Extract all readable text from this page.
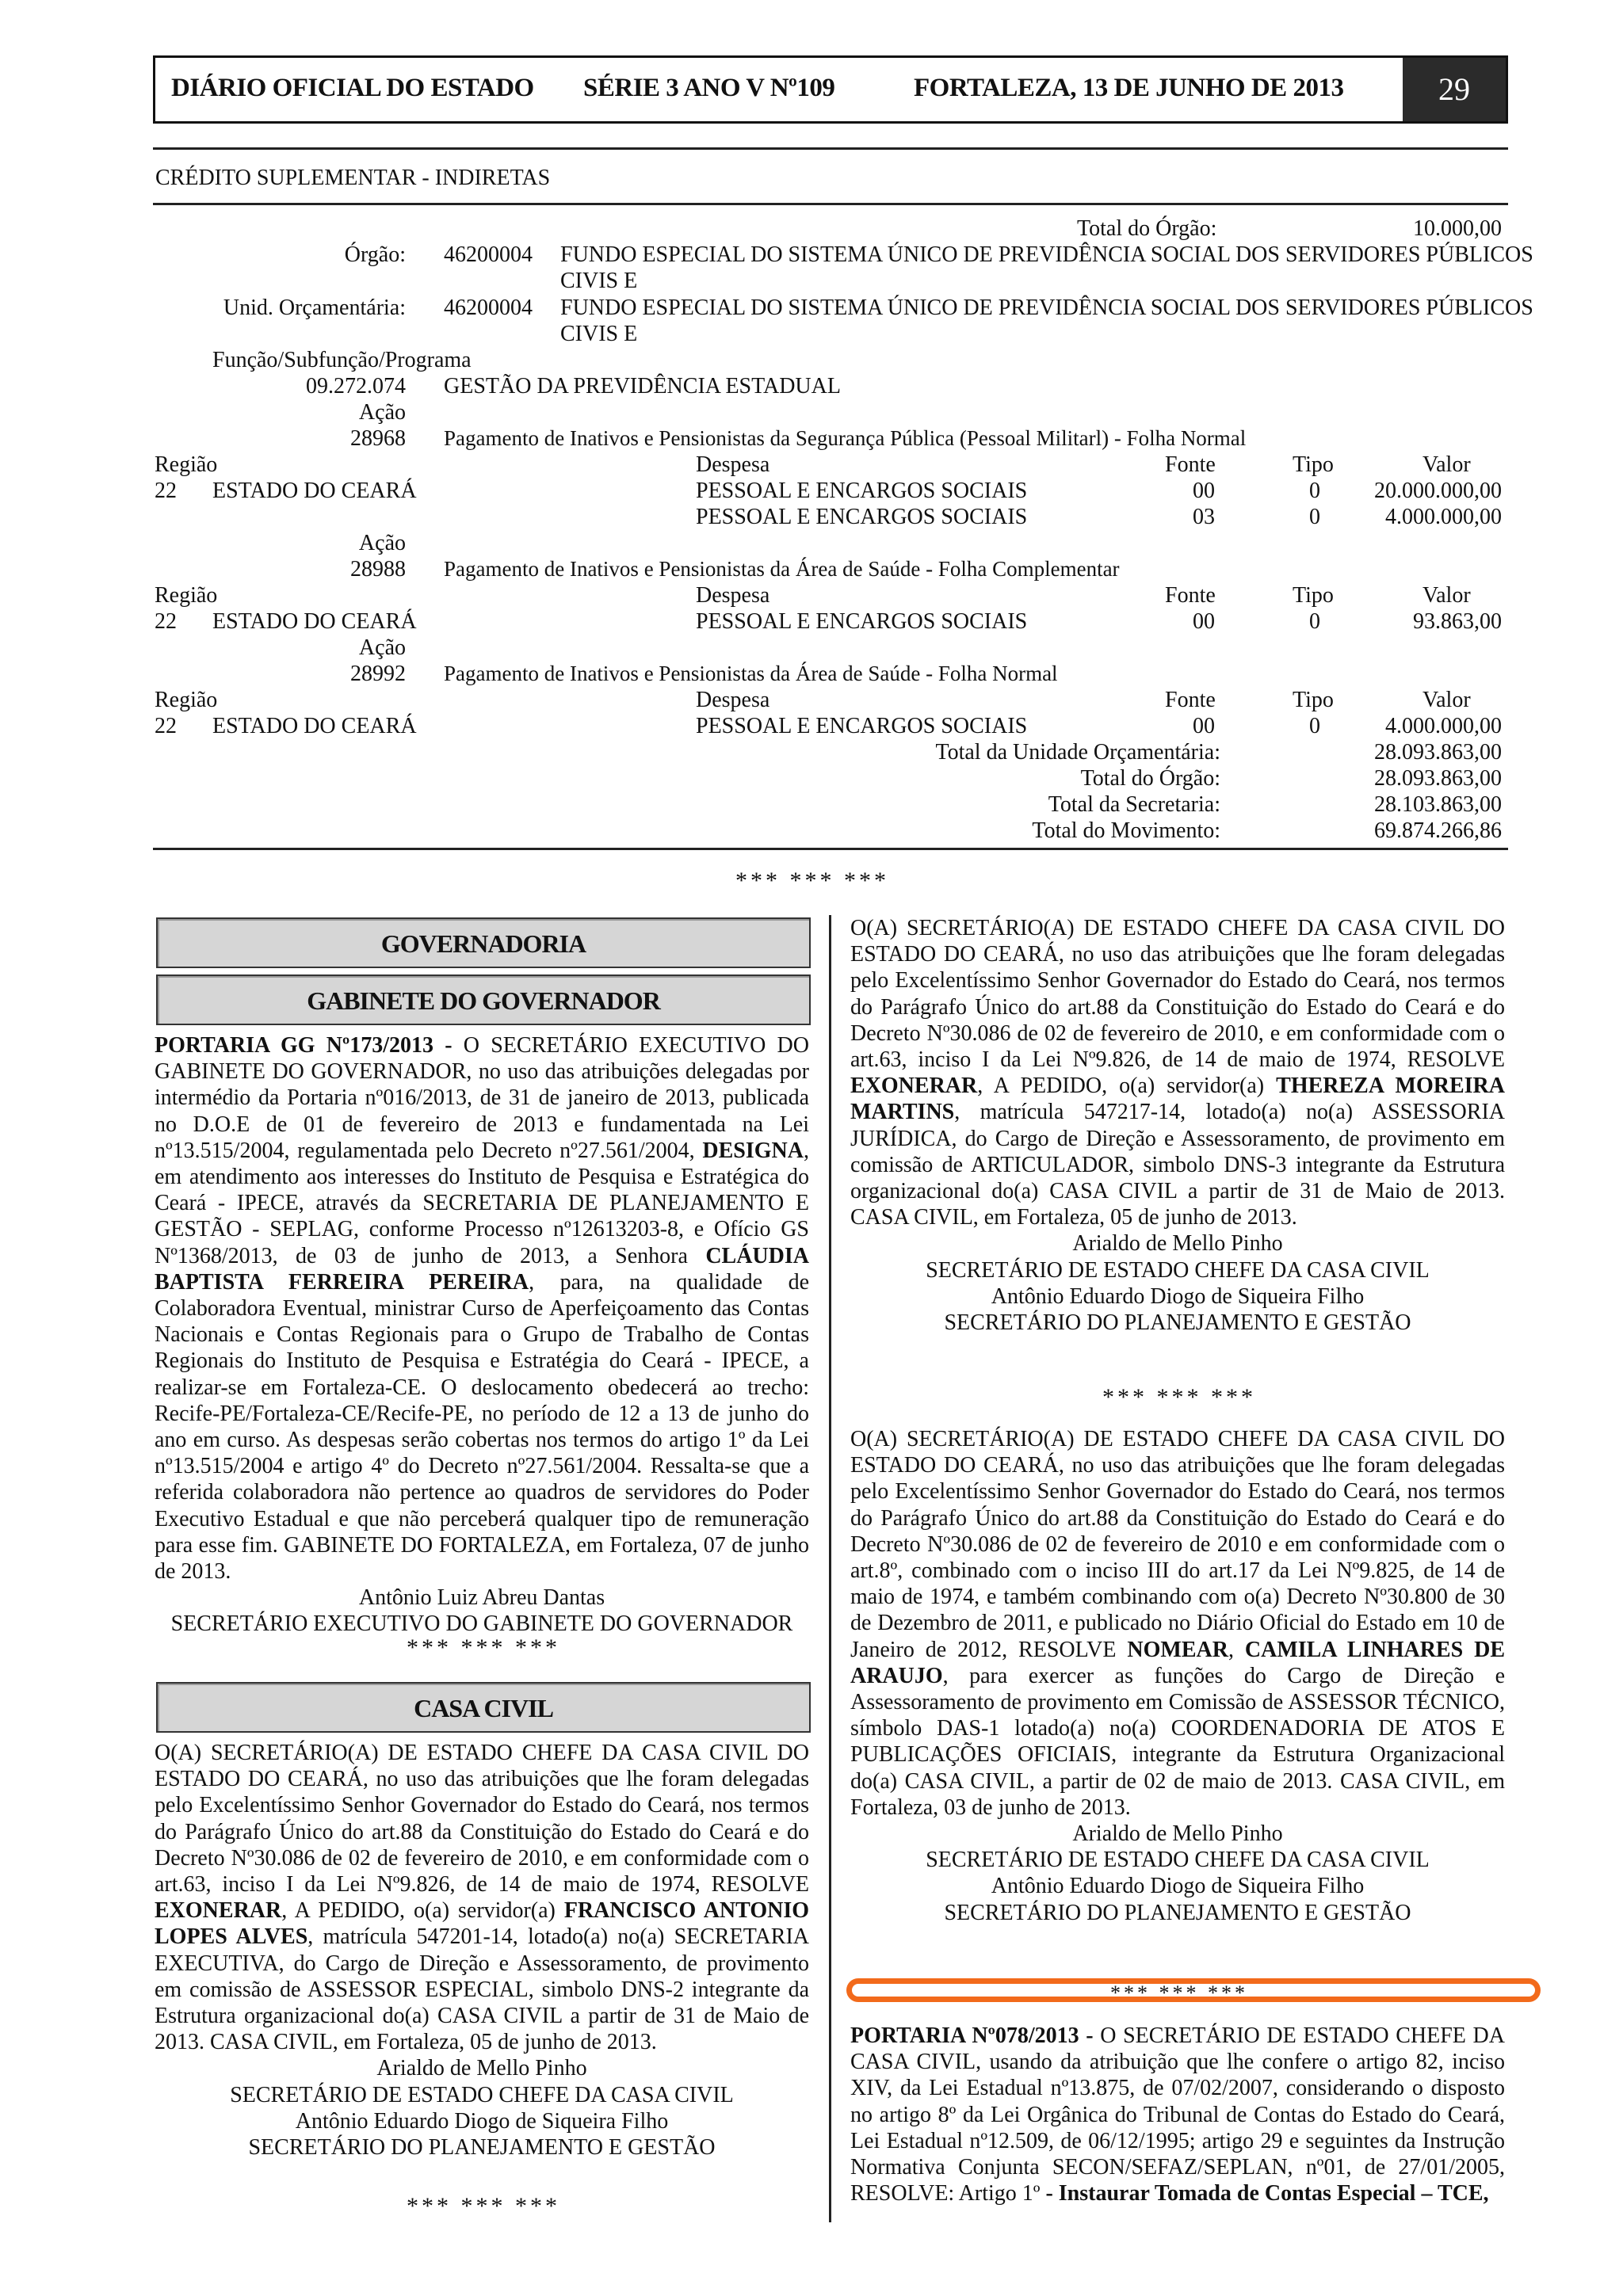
DIÁRIO OFICIAL DO ESTADO SÉRIE 3 ANO V Nº109	FORTALEZA, 13 DE JUNHO DE 2013	29
CRÉDITO SUPLEMENTAR - INDIRETAS
Total do Órgão:	10.000,00
Órgão: 46200004 FUNDO ESPECIAL DO SISTEMA ÚNICO DE PREVIDÊNCIA SOCIAL DOS SERVIDORES PÚBLICOS
CIVIS E
Unid. Orçamentária: 46200004 FUNDO ESPECIAL DO SISTEMA ÚNICO DE PREVIDÊNCIA SOCIAL DOS SERVIDORES PÚBLICOS
CIVIS E
Função/Subfunção/Programa
09.272.074 GESTÃO DA PREVIDÊNCIA ESTADUAL
Ação
28968 Pagamento de Inativos e Pensionistas da Segurança Pública (Pessoal Militarl) - Folha Normal
Região	Despesa	Fonte	Tipo	Valor
22 ESTADO DO CEARÁ	PESSOAL E ENCARGOS SOCIAIS	00	0	20.000.000,00
PESSOAL E ENCARGOS SOCIAIS	03	0	4.000.000,00
Ação
28988 Pagamento de Inativos e Pensionistas da Área de Saúde - Folha Complementar
Região	Despesa	Fonte	Tipo	Valor
22 ESTADO DO CEARÁ	PESSOAL E ENCARGOS SOCIAIS	00	0	93.863,00
Ação
28992 Pagamento de Inativos e Pensionistas da Área de Saúde - Folha Normal
Região	Despesa	Fonte	Tipo	Valor
22 ESTADO DO CEARÁ	PESSOAL E ENCARGOS SOCIAIS	00	0	4.000.000,00
Total da Unidade Orçamentária:	28.093.863,00
Total do Órgão:	28.093.863,00
Total da Secretaria:	28.103.863,00
Total do Movimento:	69.874.266,86
*** *** ***
GOVERNADORIA
GABINETE DO GOVERNADOR

PORTARIA GG Nº173/2013 - O SECRETÁRIO EXECUTIVO DO GABINETE DO GOVERNADOR, no uso das atribuições delegadas por intermédio da Portaria nº016/2013, de 31 de janeiro de 2013, publicada no D.O.E de 01 de fevereiro de 2013 e fundamentada na Lei nº13.515/2004, regulamentada pelo Decreto nº27.561/2004, DESIGNA, em atendimento aos interesses do Instituto de Pesquisa e Estratégica do Ceará - IPECE, através da SECRETARIA DE PLANEJAMENTO E GESTÃO - SEPLAG, conforme Processo nº12613203-8, e Ofício GS Nº1368/2013, de 03 de junho de 2013, a Senhora CLÁUDIA BAPTISTA FERREIRA PEREIRA, para, na qualidade de Colaboradora Eventual, ministrar Curso de Aperfeiçoamento das Contas Nacionais e Contas Regionais para o Grupo de Trabalho de Contas Regionais do Instituto de Pesquisa e Estratégia do Ceará - IPECE, a realizar-se em Fortaleza-CE. O deslocamento obedecerá ao trecho: Recife-PE/Fortaleza-CE/Recife-PE, no período de 12 a 13 de junho do ano em curso. As despesas serão cobertas nos termos do artigo 1º da Lei nº13.515/2004 e artigo 4º do Decreto nº27.561/2004. Ressalta-se que a referida colaboradora não pertence ao quadros de servidores do Poder Executivo Estadual e que não perceberá qualquer tipo de remuneração para esse fim. GABINETE DO FORTALEZA, em Fortaleza, 07 de junho de 2013.

Antônio Luiz Abreu Dantas

SECRETÁRIO EXECUTIVO DO GABINETE DO GOVERNADOR

*** *** ***
CASA CIVIL

O(A) SECRETÁRIO(A) DE ESTADO CHEFE DA CASA CIVIL DO ESTADO DO CEARÁ, no uso das atribuições que lhe foram delegadas pelo Excelentíssimo Senhor Governador do Estado do Ceará, nos termos do Parágrafo Único do art.88 da Constituição do Estado do Ceará e do Decreto Nº30.086 de 02 de fevereiro de 2010, e em conformidade com o art.63, inciso I da Lei Nº9.826, de 14 de maio de 1974, RESOLVE EXONERAR, A PEDIDO, o(a) servidor(a) FRANCISCO ANTONIO LOPES ALVES, matrícula 547201-14, lotado(a) no(a) SECRETARIA EXECUTIVA, do Cargo de Direção e Assessoramento, de provimento em comissão de ASSESSOR ESPECIAL, simbolo DNS-2 integrante da Estrutura organizacional do(a) CASA CIVIL a partir de 31 de Maio de 2013. CASA CIVIL, em Fortaleza, 05 de junho de 2013.

Arialdo de Mello Pinho

SECRETÁRIO DE ESTADO CHEFE DA CASA CIVIL

Antônio Eduardo Diogo de Siqueira Filho

SECRETÁRIO DO PLANEJAMENTO E GESTÃO

*** *** ***

O(A) SECRETÁRIO(A) DE ESTADO CHEFE DA CASA CIVIL DO ESTADO DO CEARÁ, no uso das atribuições que lhe foram delegadas pelo Excelentíssimo Senhor Governador do Estado do Ceará, nos termos do Parágrafo Único do art.88 da Constituição do Estado do Ceará e do Decreto Nº30.086 de 02 de fevereiro de 2010, e em conformidade com o art.63, inciso I da Lei Nº9.826, de 14 de maio de 1974, RESOLVE EXONERAR, A PEDIDO, o(a) servidor(a) THEREZA MOREIRA MARTINS, matrícula 547217-14, lotado(a) no(a) ASSESSORIA JURÍDICA, do Cargo de Direção e Assessoramento, de provimento em comissão de ARTICULADOR, simbolo DNS-3 integrante da Estrutura organizacional do(a) CASA CIVIL a partir de 31 de Maio de 2013. CASA CIVIL, em Fortaleza, 05 de junho de 2013.

Arialdo de Mello Pinho

SECRETÁRIO DE ESTADO CHEFE DA CASA CIVIL

Antônio Eduardo Diogo de Siqueira Filho

SECRETÁRIO DO PLANEJAMENTO E GESTÃO

*** *** ***

O(A) SECRETÁRIO(A) DE ESTADO CHEFE DA CASA CIVIL DO ESTADO DO CEARÁ, no uso das atribuições que lhe foram delegadas pelo Excelentíssimo Senhor Governador do Estado do Ceará, nos termos do Parágrafo Único do art.88 da Constituição do Estado do Ceará e do Decreto Nº30.086 de 02 de fevereiro de 2010 e em conformidade com o art.8º, combinado com o inciso III do art.17 da Lei Nº9.825, de 14 de maio de 1974, e também combinando com o(a) Decreto Nº30.800 de 30 de Dezembro de 2011, e publicado no Diário Oficial do Estado em 10 de Janeiro de 2012, RESOLVE NOMEAR, CAMILA LINHARES DE ARAUJO, para exercer as funções do Cargo de Direção e Assessoramento de provimento em Comissão de ASSESSOR TÉCNICO, símbolo DAS-1 lotado(a) no(a) COORDENADORIA DE ATOS E PUBLICAÇÕES OFICIAIS, integrante da Estrutura Organizacional do(a) CASA CIVIL, a partir de 02 de maio de 2013. CASA CIVIL, em Fortaleza, 03 de junho de 2013.

Arialdo de Mello Pinho

SECRETÁRIO DE ESTADO CHEFE DA CASA CIVIL

Antônio Eduardo Diogo de Siqueira Filho

SECRETÁRIO DO PLANEJAMENTO E GESTÃO

*** *** ***

PORTARIA Nº078/2013 - O SECRETÁRIO DE ESTADO CHEFE DA CASA CIVIL, usando da atribuição que lhe confere o artigo 82, inciso XIV, da Lei Estadual nº13.875, de 07/02/2007, considerando o disposto no artigo 8º da Lei Orgânica do Tribunal de Contas do Estado do Ceará, Lei Estadual nº12.509, de 06/12/1995; artigo 29 e seguintes da Instrução Normativa Conjunta SECON/SEFAZ/SEPLAN, nº01, de 27/01/2005, RESOLVE: Artigo 1º - Instaurar Tomada de Contas Especial – TCE,
